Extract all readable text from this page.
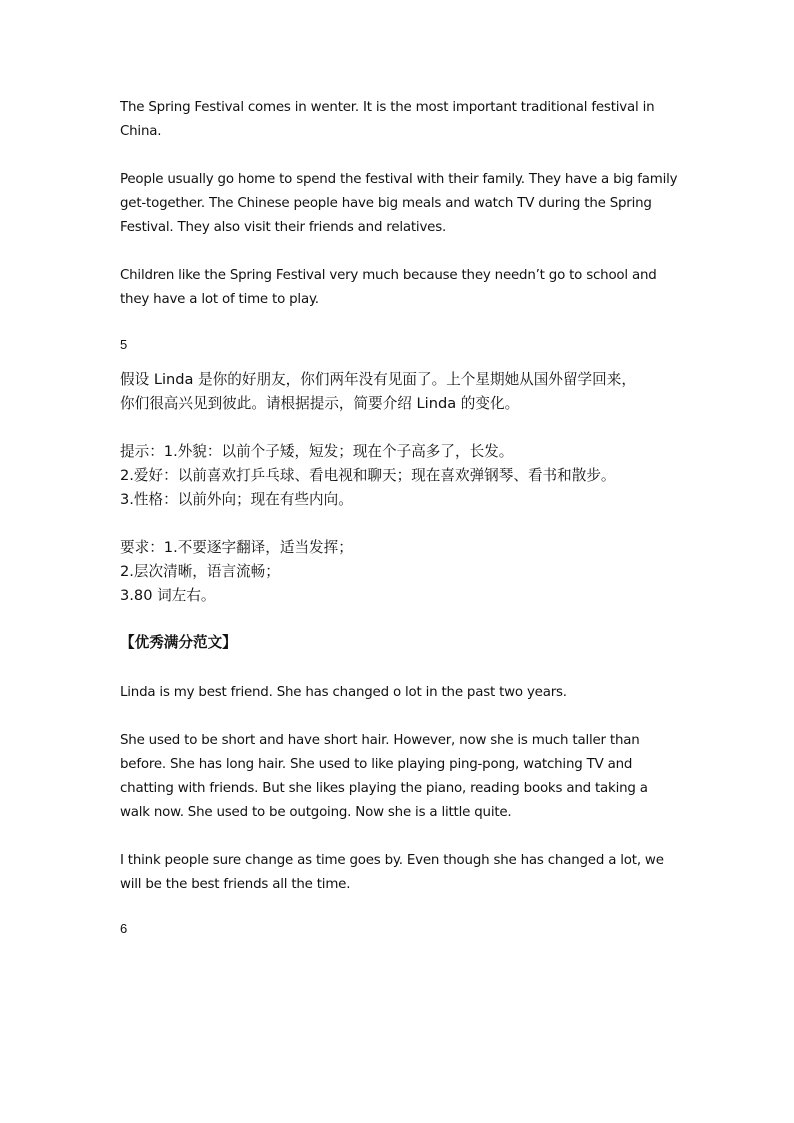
The Spring Festival comes in wenter. It is the most important traditional festival in
China.
People usually go home to spend the festival with their family. They have a big family
get-together. The Chinese people have big meals and watch TV during the Spring
Festival. They also visit their friends and relatives.
Children like the Spring Festival very much because they needn’t go to school and
they have a lot of time to play.
5
假设 Linda 是你的好朋友，你们两年没有见面了。上个星期她从国外留学回来，
你们很高兴见到彼此。请根据提示，简要介绍 Linda 的变化。
提示：1.外貌：以前个子矮，短发；现在个子高多了，长发。
2.爱好：以前喜欢打乒乓球、看电视和聊天；现在喜欢弹钢琴、看书和散步。
3.性格：以前外向；现在有些内向。
要求：1.不要逐字翻译，适当发挥；
2.层次清晰，语言流畅；
3.80 词左右。
【优秀满分范文】
Linda is my best friend. She has changed o lot in the past two years.
She used to be short and have short hair. However, now she is much taller than
before. She has long hair. She used to like playing ping-pong, watching TV and
chatting with friends. But she likes playing the piano, reading books and taking a
walk now. She used to be outgoing. Now she is a little quite.
I think people sure change as time goes by. Even though she has changed a lot, we
will be the best friends all the time.
6
